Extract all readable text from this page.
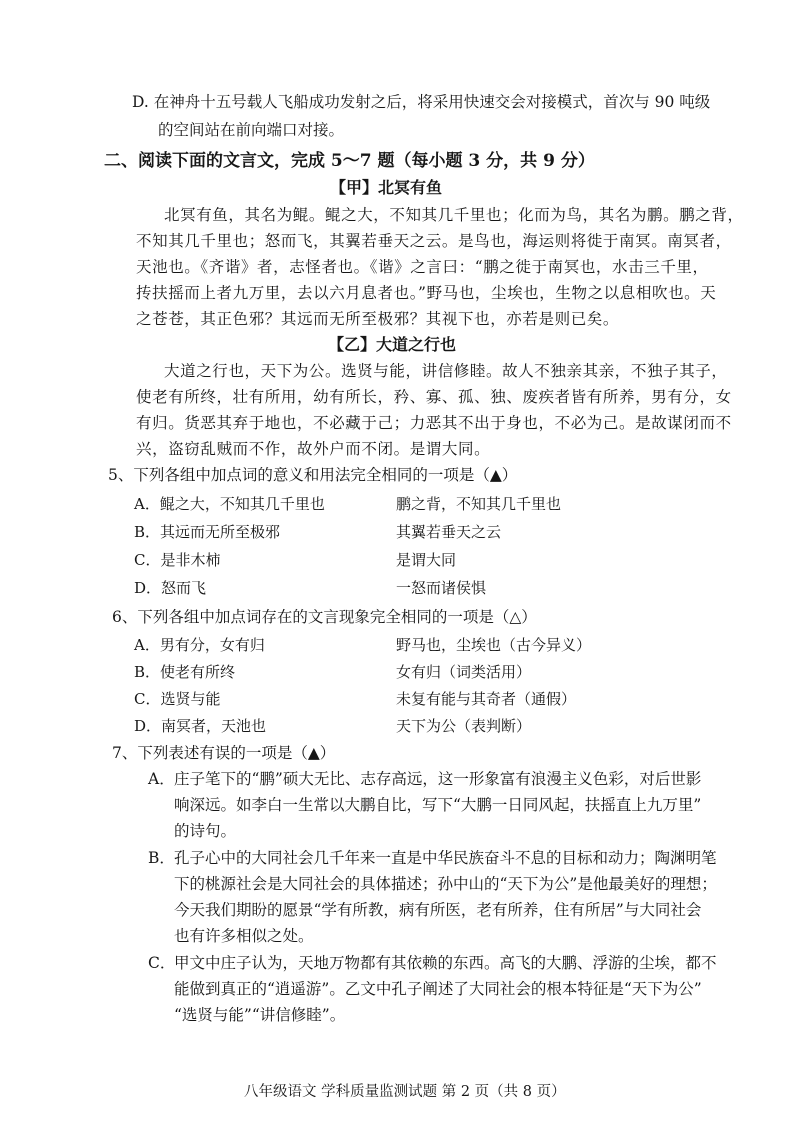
D. 在神舟十五号载人飞船成功发射之后，将采用快速交会对接模式，首次与 90 吨级
的空间站在前向端口对接。
二、阅读下面的文言文，完成 5～7 题（每小题 3 分，共 9 分）
【甲】北冥有鱼
北冥有鱼，其名为鲲。鲲之大，不知其几千里也；化而为鸟，其名为鹏。鹏之背，
不知其几千里也；怒而飞，其翼若垂天之云。是鸟也，海运则将徙于南冥。南冥者，
天池也。《齐谐》者，志怪者也。《谐》之言曰：“鹏之徙于南冥也，水击三千里，
抟扶摇而上者九万里，去以六月息者也。”野马也，尘埃也，生物之以息相吹也。天
之苍苍，其正色邪？其远而无所至极邪？其视下也，亦若是则已矣。
【乙】大道之行也
大道之行也，天下为公。选贤与能，讲信修睦。故人不独亲其亲，不独子其子，
使老有所终，壮有所用，幼有所长，矜、寡、孤、独、废疾者皆有所养，男有分，女
有归。货恶其弃于地也，不必藏于己；力恶其不出于身也，不必为己。是故谋闭而不
兴，盗窃乱贼而不作，故外户而不闭。是谓大同。
5、下列各组中加点词的意义和用法完全相同的一项是（▲）
A．鲲之大，不知其几千里也	鹏之背，不知其几千里也
B．其远而无所至极邪	其翼若垂天之云
C．是非木柿	是谓大同
D．怒而飞	一怒而诸侯惧
6、下列各组中加点词存在的文言现象完全相同的一项是（△）
A．男有分，女有归	野马也，尘埃也（古今异义）
B．使老有所终	女有归（词类活用）
C．选贤与能	未复有能与其奇者（通假）
D．南冥者，天池也	天下为公（表判断）
7、下列表述有误的一项是（▲）
A． 庄子笔下的“鹏”硕大无比、志存高远，这一形象富有浪漫主义色彩，对后世影
响深远。如李白一生常以大鹏自比，写下“大鹏一日同风起，扶摇直上九万里”
的诗句。
B． 孔子心中的大同社会几千年来一直是中华民族奋斗不息的目标和动力；陶渊明笔
下的桃源社会是大同社会的具体描述；孙中山的“天下为公”是他最美好的理想；
今天我们期盼的愿景“学有所教，病有所医，老有所养，住有所居”与大同社会
也有许多相似之处。
C．
甲文中庄子认为，天地万物都有其依赖的东西。高飞的大鹏、浮游的尘埃，都不
能做到真正的“逍遥游”。乙文中孔子阐述了大同社会的根本特征是“天下为公”
“选贤与能”“讲信修睦”。
八年级语文 学科质量监测试题 第 2 页（共 8 页）
